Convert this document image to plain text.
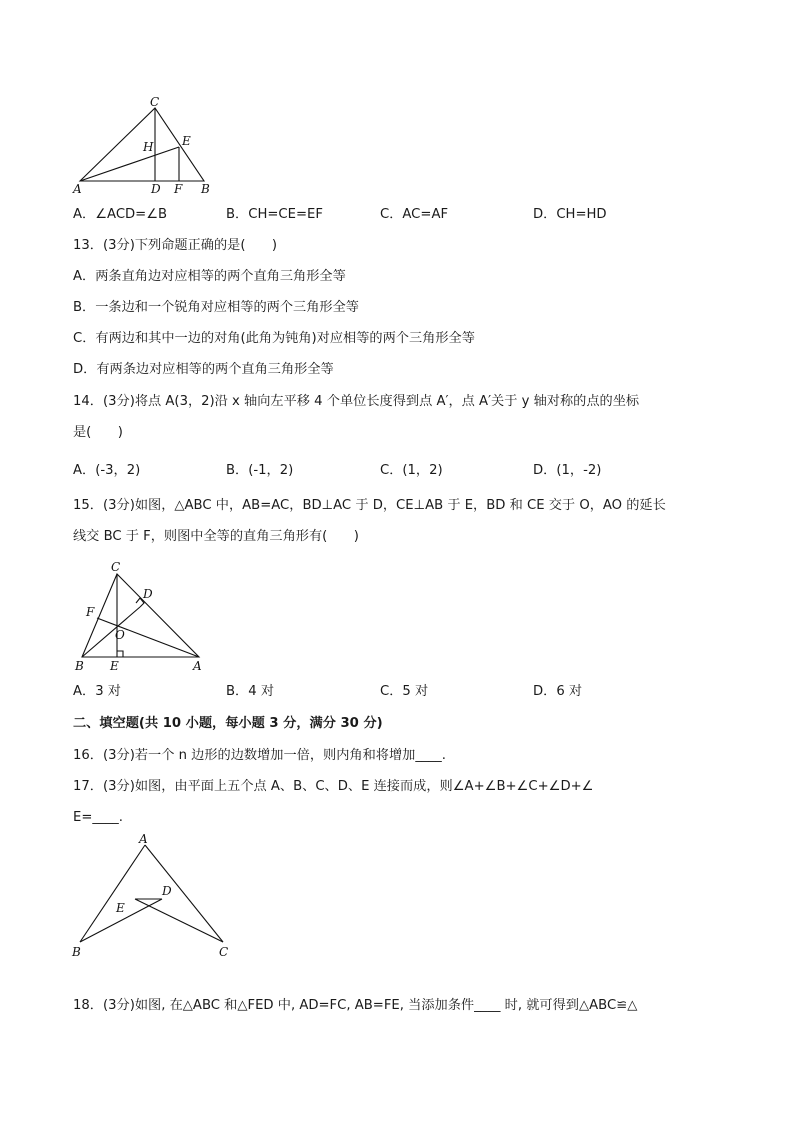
C
H E
A	D F B
A．∠ACD=∠B	B．CH=CE=EF	C．AC=AF	D．CH=HD
13．(3分)下列命题正确的是(　　)
A．两条直角边对应相等的两个直角三角形全等
B．一条边和一个锐角对应相等的两个三角形全等
C．有两边和其中一边的对角(此角为钝角)对应相等的两个三角形全等
D．有两条边对应相等的两个直角三角形全等
14．(3分)将点 A(3，2)沿 x 轴向左平移 4 个单位长度得到点 A′，点 A′关于 y 轴对称的点的坐标
是(　　)
A．(-3，2)	B．(-1，2)	C．(1，2)	D．(1，-2)
15．(3分)如图，△ABC 中，AB=AC，BD⊥AC 于 D，CE⊥AB 于 E，BD 和 CE 交于 O，AO 的延长
线交 BC 于 F，则图中全等的直角三角形有(　　)
C
D
F
O
B E	A
A．3 对	B．4 对	C．5 对	D．6 对
二、填空题(共 10 小题，每小题 3 分，满分 30 分)
16．(3分)若一个 n 边形的边数增加一倍，则内角和将增加____.
17．(3分)如图，由平面上五个点 A、B、C、D、E 连接而成，则∠A+∠B+∠C+∠D+∠
E=____.
A
D
E
B	C
18．(3分)如图, 在△ABC 和△FED 中, AD=FC, AB=FE, 当添加条件____ 时, 就可得到△ABC≌△
